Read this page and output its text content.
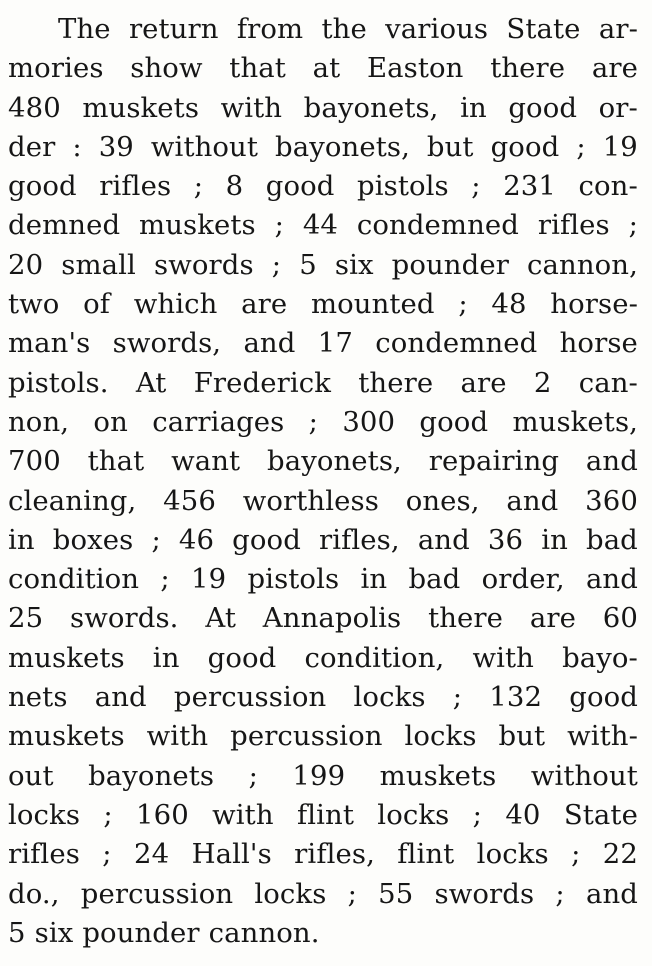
The return from the various State ar-
mories show that at Easton there are
480 muskets with bayonets, in good or-
der : 39 without bayonets, but good ; 19
good rifles ; 8 good pistols ; 231 con-
demned muskets ; 44 condemned rifles ;
20 small swords ; 5 six pounder cannon,
two of which are mounted ; 48 horse-
man's swords, and 17 condemned horse
pistols. At Frederick there are 2 can-
non, on carriages ; 300 good muskets,
700 that want bayonets, repairing and
cleaning, 456 worthless ones, and 360
in boxes ; 46 good rifles, and 36 in bad
condition ; 19 pistols in bad order, and
25 swords. At Annapolis there are 60
muskets in good condition, with bayo-
nets and percussion locks ; 132 good
muskets with percussion locks but with-
out bayonets ; 199 muskets without
locks ; 160 with flint locks ; 40 State
rifles ; 24 Hall's rifles, flint locks ; 22
do., percussion locks ; 55 swords ; and
5 six pounder cannon.
